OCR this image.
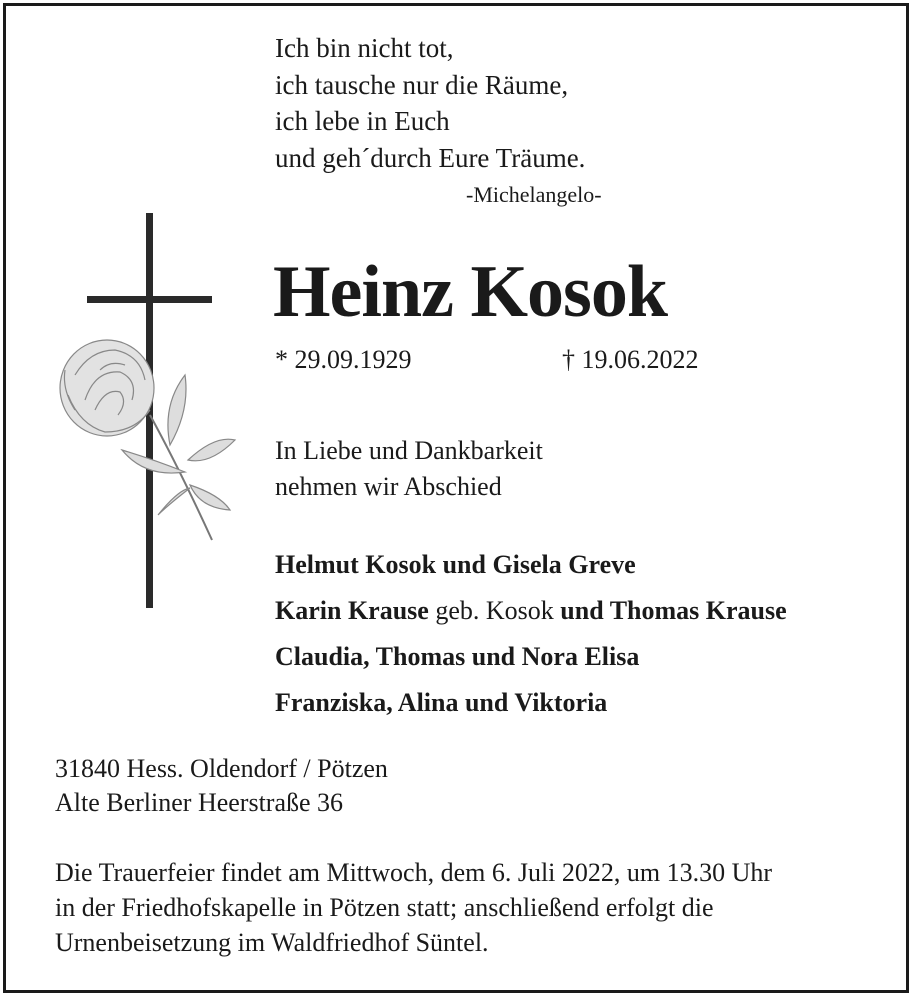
Ich bin nicht tot,
ich tausche nur die Räume,
ich lebe in Euch
und geh´durch Eure Träume.
-Michelangelo-
Heinz Kosok
* 29.09.1929	† 19.06.2022
In Liebe und Dankbarkeit
nehmen wir Abschied
Helmut Kosok und Gisela Greve
Karin Krause geb. Kosok und Thomas Krause
Claudia, Thomas und Nora Elisa
Franziska, Alina und Viktoria
31840 Hess. Oldendorf / Pötzen
Alte Berliner Heerstraße 36
Die Trauerfeier findet am Mittwoch, dem 6. Juli 2022, um 13.30 Uhr
in der Friedhofskapelle in Pötzen statt; anschließend erfolgt die
Urnenbeisetzung im Waldfriedhof Süntel.
